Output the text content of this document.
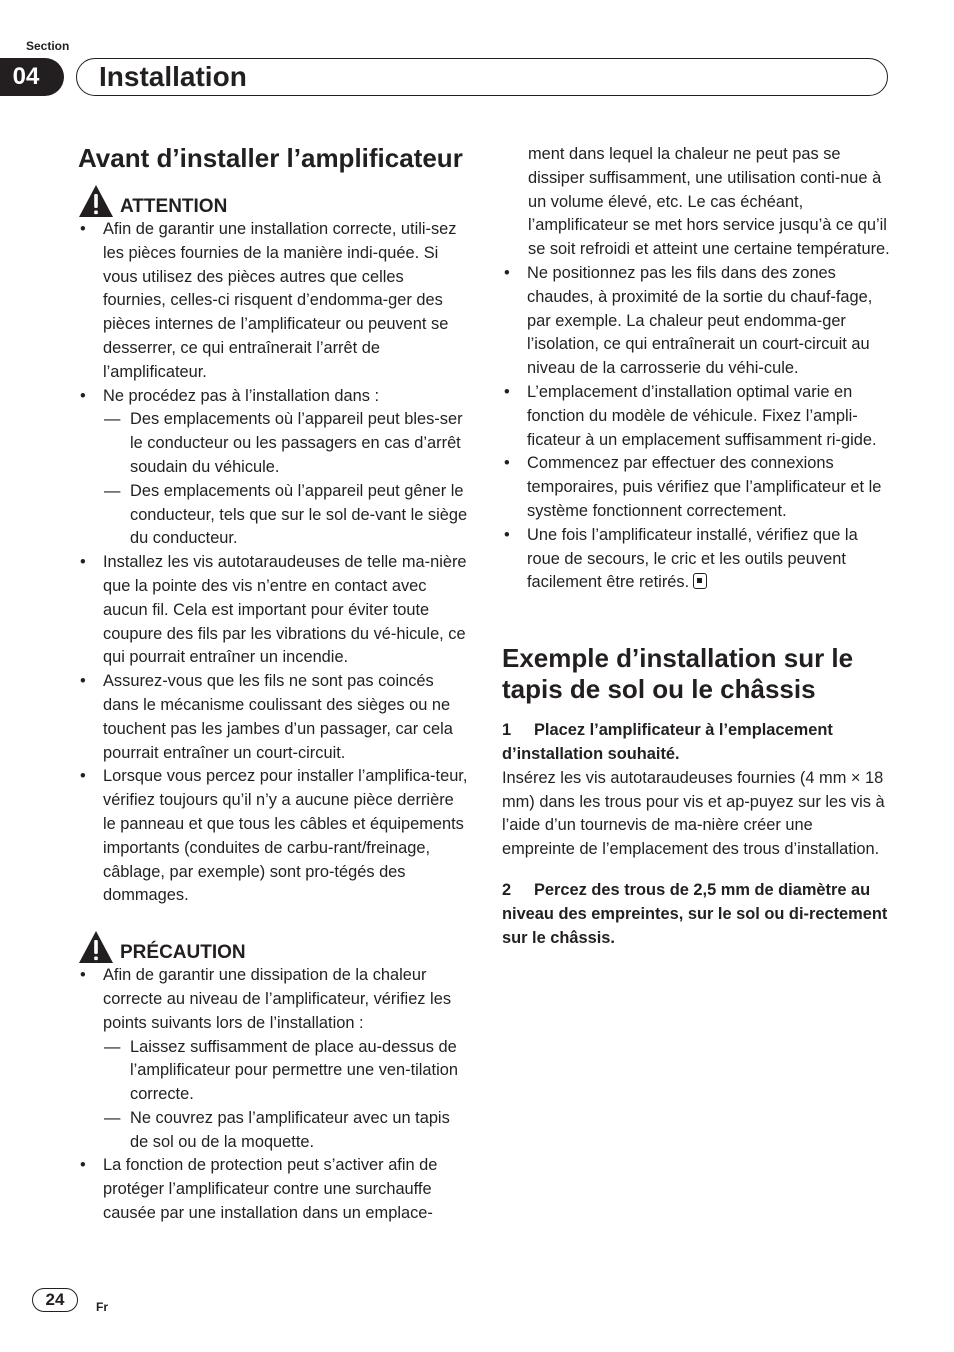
Section
04	Installation
Avant d’installer l’amplificateur
ATTENTION
• Afin de garantir une installation correcte, utili-sez les pièces fournies de la manière indi-quée. Si vous utilisez des pièces autres que celles fournies, celles-ci risquent d’endomma-ger des pièces internes de l’amplificateur ou peuvent se desserrer, ce qui entraînerait l’arrêt de l’amplificateur.
• Ne procédez pas à l’installation dans :
— Des emplacements où l’appareil peut bles-ser le conducteur ou les passagers en cas d’arrêt soudain du véhicule.
— Des emplacements où l’appareil peut gêner le conducteur, tels que sur le sol de-vant le siège du conducteur.
• Installez les vis autotaraudeuses de telle ma-nière que la pointe des vis n’entre en contact avec aucun fil. Cela est important pour éviter toute coupure des fils par les vibrations du vé-hicule, ce qui pourrait entraîner un incendie.
• Assurez-vous que les fils ne sont pas coincés dans le mécanisme coulissant des sièges ou ne touchent pas les jambes d’un passager, car cela pourrait entraîner un court-circuit.
• Lorsque vous percez pour installer l’amplifica-teur, vérifiez toujours qu’il n’y a aucune pièce derrière le panneau et que tous les câbles et équipements importants (conduites de carbu-rant/freinage, câblage, par exemple) sont pro-tégés des dommages.
PRÉCAUTION
• Afin de garantir une dissipation de la chaleur correcte au niveau de l’amplificateur, vérifiez les points suivants lors de l’installation :
— Laissez suffisamment de place au-dessus de l’amplificateur pour permettre une ven-tilation correcte.
— Ne couvrez pas l’amplificateur avec un tapis de sol ou de la moquette.
• La fonction de protection peut s’activer afin de protéger l’amplificateur contre une surchauffe causée par une installation dans un emplace-
ment dans lequel la chaleur ne peut pas se dissiper suffisamment, une utilisation conti-nue à un volume élevé, etc. Le cas échéant, l’amplificateur se met hors service jusqu’à ce qu’il se soit refroidi et atteint une certaine température.
• Ne positionnez pas les fils dans des zones chaudes, à proximité de la sortie du chauf-fage, par exemple. La chaleur peut endomma-ger l’isolation, ce qui entraînerait un court-circuit au niveau de la carrosserie du véhi-cule.
• L’emplacement d’installation optimal varie en fonction du modèle de véhicule. Fixez l’ampli-ficateur à un emplacement suffisamment ri-gide.
• Commencez par effectuer des connexions temporaires, puis vérifiez que l’amplificateur et le système fonctionnent correctement.
• Une fois l’amplificateur installé, vérifiez que la roue de secours, le cric et les outils peuvent facilement être retirés.
Exemple d’installation sur le tapis de sol ou le châssis
1 Placez l’amplificateur à l’emplacement d’installation souhaité.
Insérez les vis autotaraudeuses fournies (4 mm × 18 mm) dans les trous pour vis et ap-puyez sur les vis à l’aide d’un tournevis de ma-nière créer une empreinte de l’emplacement des trous d’installation.
2 Percez des trous de 2,5 mm de diamètre au niveau des empreintes, sur le sol ou di-rectement sur le châssis.
24	Fr
